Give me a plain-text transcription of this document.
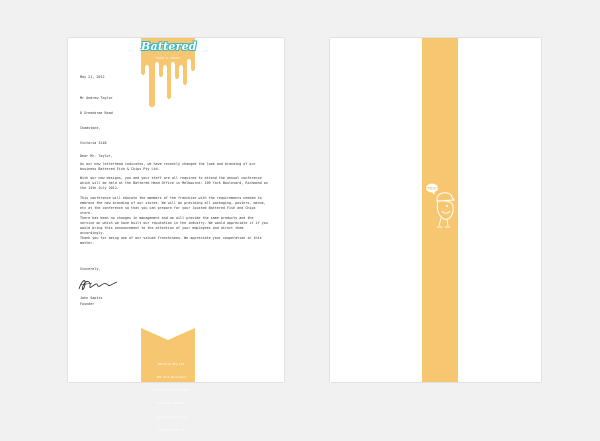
Battered
FISH & CHIPS
May 21, 2012

Mr Andrew Taylor

8 Greenbrae Road

Chadstone,

Victoria 3148

Dear Mr. Taylor,
As our new letterhead indicates, we have recently changed the look and branding of our business Battered Fish & Chips Pty Ltd.
With our new designs, you and your staff are all required to attend the annual conference which will be held at the Battered Head Office in Melbourne: 109 York Boulevard, Richmond on the 14th July 2012.
This conference will educate the members of the franchise with the requirements needed to embrace the new branding of our stores. We will be providing all packaging, posters, menus, etc at the conference so that you can prepare for your located Battered Fish and Chips store.
There has been no changes in management and we will provide the same products and the service on which we have built our reputation in the industry. We would appreciate it if you would bring this announcement to the attention of your employees and direct them accordingly.
Thank you for being one of our valued franchisees. We appreciate your cooperation in this matter.
Sincerely,
John Saptis
Founder

Battered Pty Ltd

109 York Boulevard

Richmond Victoria 3121

Telephone 98201333

www.battered.com.au

info@battered.com

"YES!"
